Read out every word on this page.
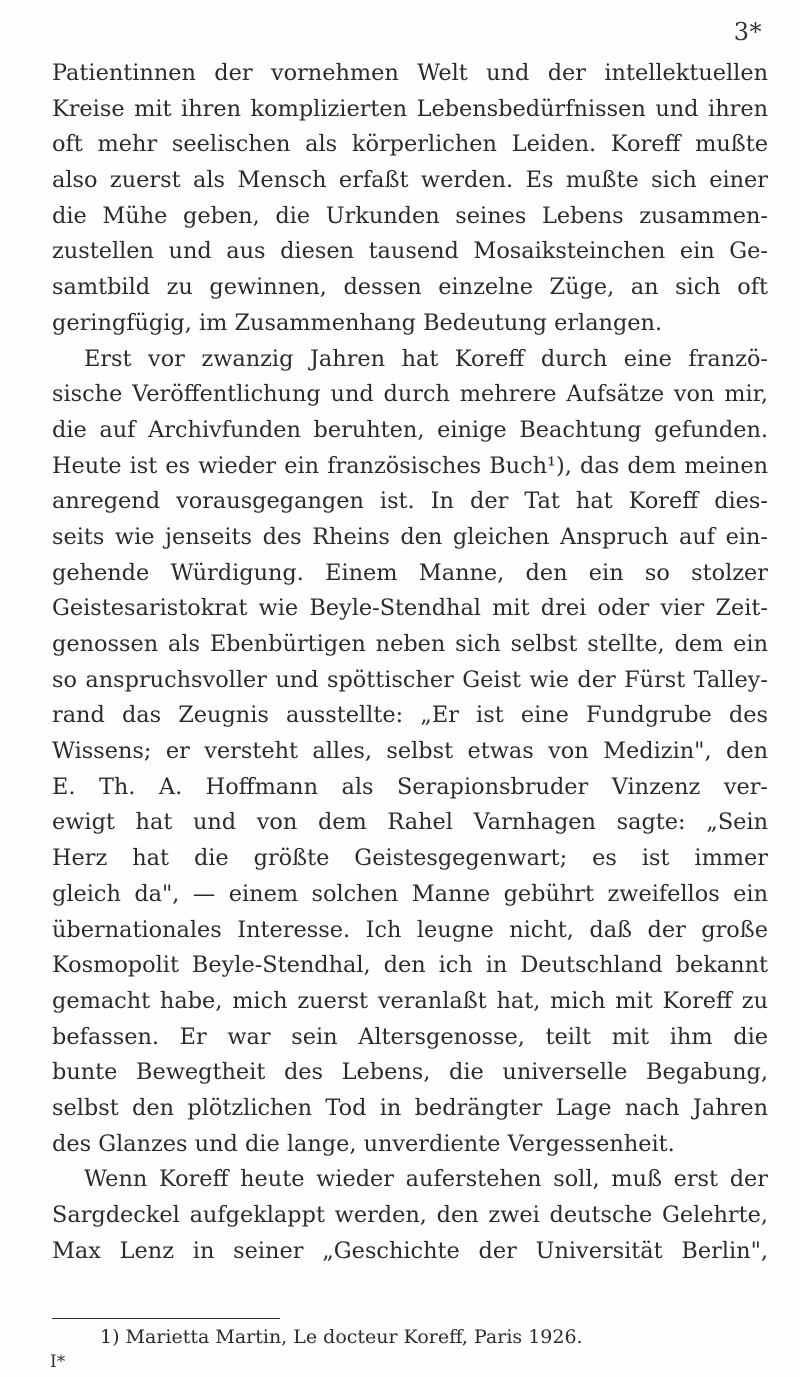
3*
Patientinnen der vornehmen Welt und der intellektuellen
Kreise mit ihren komplizierten Lebensbedürfnissen und ihren
oft mehr seelischen als körperlichen Leiden. Koreff mußte
also zuerst als Mensch erfaßt werden. Es mußte sich einer
die Mühe geben, die Urkunden seines Lebens zusammen-
zustellen und aus diesen tausend Mosaiksteinchen ein Ge-
samtbild zu gewinnen, dessen einzelne Züge, an sich oft
geringfügig, im Zusammenhang Bedeutung erlangen.
Erst vor zwanzig Jahren hat Koreff durch eine franzö-
sische Veröffentlichung und durch mehrere Aufsätze von mir,
die auf Archivfunden beruhten, einige Beachtung gefunden.
Heute ist es wieder ein französisches Buch¹), das dem meinen
anregend vorausgegangen ist. In der Tat hat Koreff dies-
seits wie jenseits des Rheins den gleichen Anspruch auf ein-
gehende Würdigung. Einem Manne, den ein so stolzer
Geistesaristokrat wie Beyle-Stendhal mit drei oder vier Zeit-
genossen als Ebenbürtigen neben sich selbst stellte, dem ein
so anspruchsvoller und spöttischer Geist wie der Fürst Talley-
rand das Zeugnis ausstellte: „Er ist eine Fundgrube des
Wissens; er versteht alles, selbst etwas von Medizin", den
E. Th. A. Hoffmann als Serapionsbruder Vinzenz ver-
ewigt hat und von dem Rahel Varnhagen sagte: „Sein
Herz hat die größte Geistesgegenwart; es ist immer
gleich da", — einem solchen Manne gebührt zweifellos ein
übernationales Interesse. Ich leugne nicht, daß der große
Kosmopolit Beyle-Stendhal, den ich in Deutschland bekannt
gemacht habe, mich zuerst veranlaßt hat, mich mit Koreff zu
befassen. Er war sein Altersgenosse, teilt mit ihm die
bunte Bewegtheit des Lebens, die universelle Begabung,
selbst den plötzlichen Tod in bedrängter Lage nach Jahren
des Glanzes und die lange, unverdiente Vergessenheit.
Wenn Koreff heute wieder auferstehen soll, muß erst der
Sargdeckel aufgeklappt werden, den zwei deutsche Gelehrte,
Max Lenz in seiner „Geschichte der Universität Berlin",
1) Marietta Martin, Le docteur Koreff, Paris 1926.
I*
